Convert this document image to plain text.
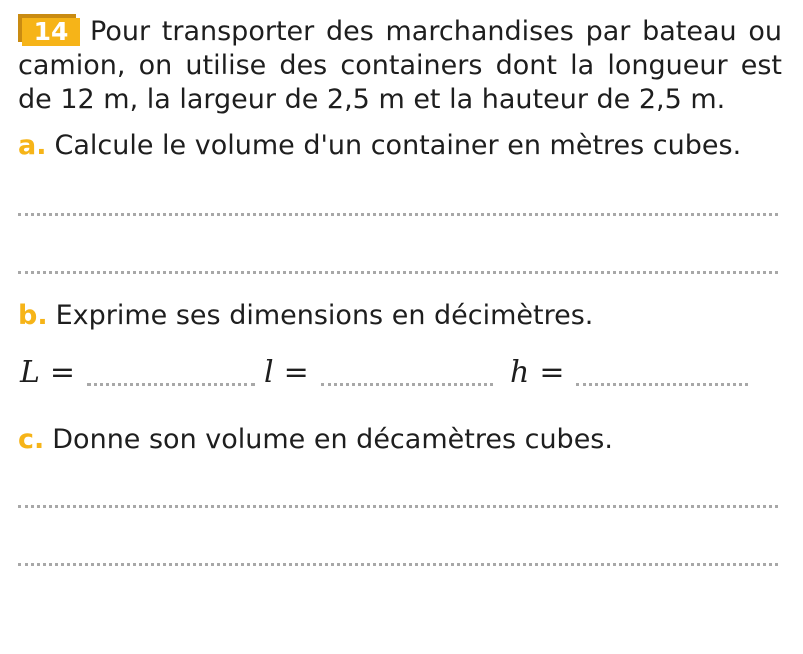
14 Pour transporter des marchandises par bateau ou camion, on utilise des containers dont la longueur est de 12 m, la largeur de 2,5 m et la hauteur de 2,5 m.

a. Calcule le volume d'un container en mètres cubes.

b. Exprime ses dimensions en décimètres.

L =	l =	h =

c. Donne son volume en décamètres cubes.
